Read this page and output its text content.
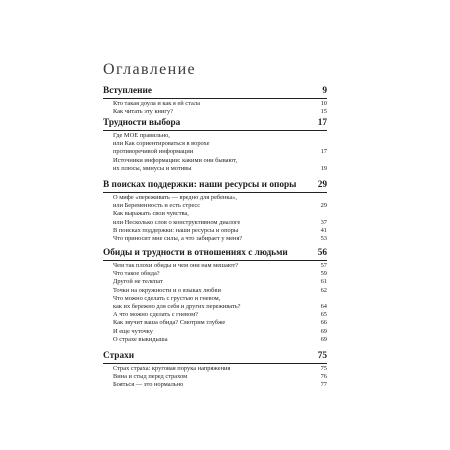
Оглавление
Вступление	9
Кто такая доула и как я ей стала	10
Как читать эту книгу?	15
Трудности выбора	17
Где МОЕ правильно,
или Как сориентироваться в ворохе
противоречивой информации	17
Источники информации: какими они бывают,
их плюсы, минусы и мотивы	19
В поисках поддержки: наши ресурсы и опоры 29
О мифе «переживать — вредно для ребенка»,
или Беременность и есть стресс	29
Как выражать свои чувства,
или Несколько слов о конструктивном диалоге	37
В поисках поддержки: наши ресурсы и опоры	41
Что приносит мне силы, а что забирает у меня?	53
Обиды и трудности в отношениях с людьми	56
Чем так плохи обиды и чем они нам мешают?	57
Что такое обида?	59
Другой не телепат	61
Точки на окружности и о языках любви	62
Что можно сделать с грустью и гневом,
как их бережно для себя и других переживать?	64
А что можно сделать с гневом?	65
Как звучит ваша обида? Смотрим глубже	66
И еще чуточку	69
О страхе выкидыша	69
Страхи	75
Страх страха: круговая порука напряжения	75
Вина и стыд перед страхом	76
Бояться — это нормально	77
